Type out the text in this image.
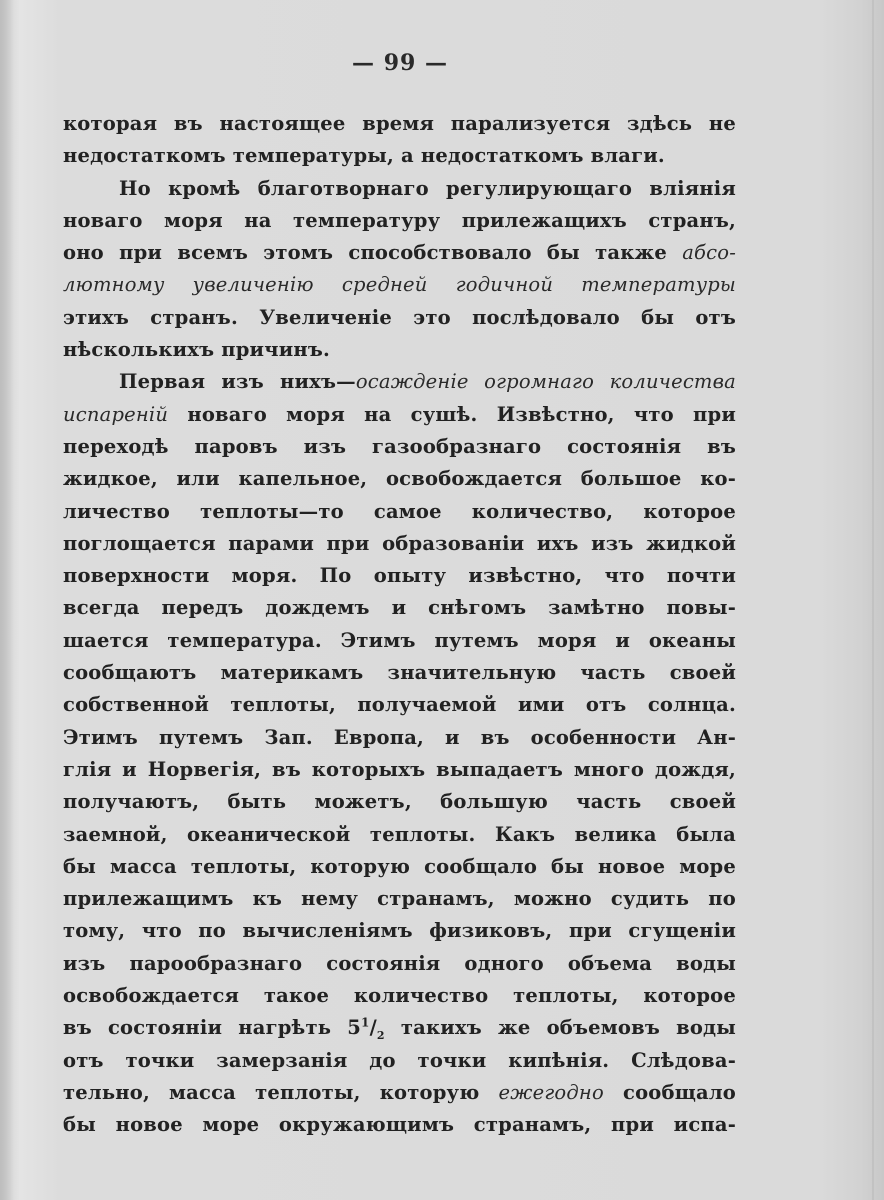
— 99 —
которая въ настоящее время парализуется здѣсь не
недостаткомъ температуры, а недостаткомъ влаги.
Но кромѣ благотворнаго регулирующаго вліянія
новаго моря на температуру прилежащихъ странъ,
оно при всемъ этомъ способствовало бы также абсо-
лютному увеличенію средней годичной температуры
этихъ странъ. Увеличеніе это послѣдовало бы отъ
нѣсколькихъ причинъ.
Первая изъ нихъ—осажденіе огромнаго количества
испареній новаго моря на сушѣ. Извѣстно, что при
переходѣ паровъ изъ газообразнаго состоянія въ
жидкое, или капельное, освобождается большое ко-
личество теплоты—то самое количество, которое
поглощается парами при образованіи ихъ изъ жидкой
поверхности моря. По опыту извѣстно, что почти
всегда передъ дождемъ и снѣгомъ замѣтно повы-
шается температура. Этимъ путемъ моря и океаны
сообщаютъ материкамъ значительную часть своей
собственной теплоты, получаемой ими отъ солнца.
Этимъ путемъ Зап. Европа, и въ особенности Ан-
глія и Норвегія, въ которыхъ выпадаетъ много дождя,
получаютъ, быть можетъ, большую часть своей
заемной, океанической теплоты. Какъ велика была
бы масса теплоты, которую сообщало бы новое море
прилежащимъ къ нему странамъ, можно судить по
тому, что по вычисленіямъ физиковъ, при сгущеніи
изъ парообразнаго состоянія одного объема воды
освобождается такое количество теплоты, которое
въ состояніи нагрѣть $5^1/_2$ такихъ же объемовъ воды
отъ точки замерзанія до точки кипѣнія. Слѣдова-
тельно, масса теплоты, которую ежегодно сообщало
бы новое море окружающимъ странамъ, при испа-
